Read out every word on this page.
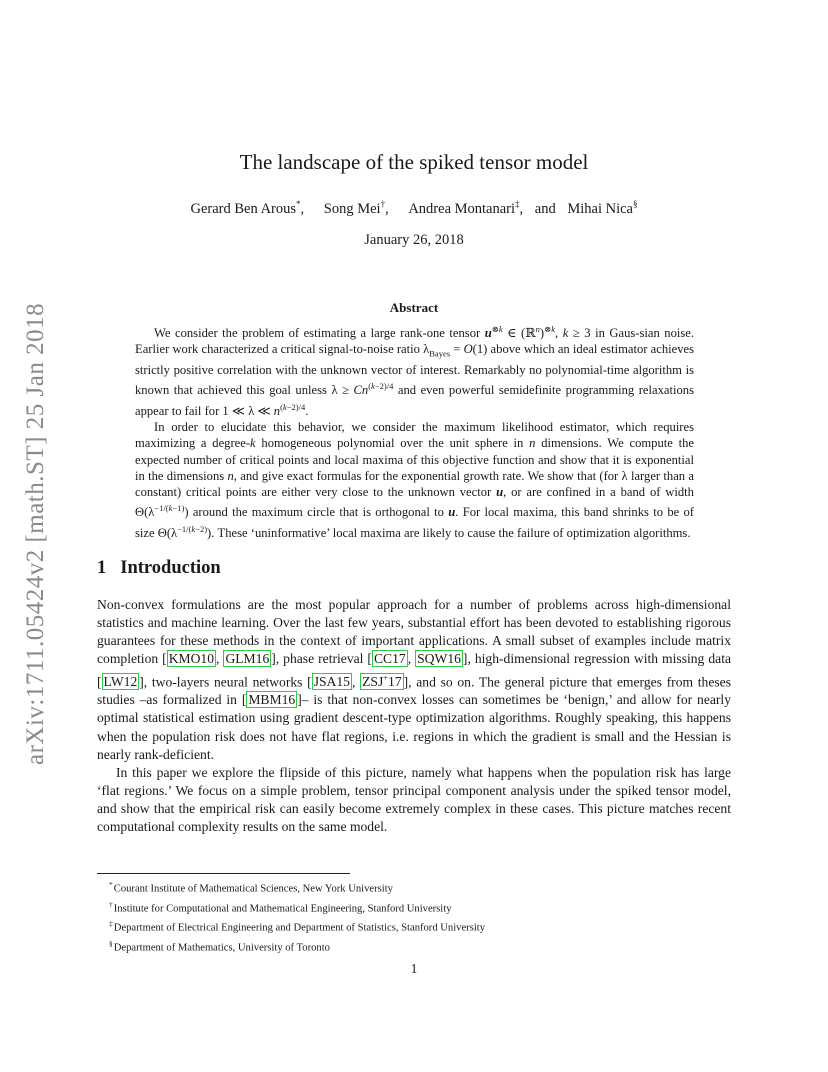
arXiv:1711.05424v2 [math.ST] 25 Jan 2018
The landscape of the spiked tensor model
Gerard Ben Arous*, Song Mei†, Andrea Montanari‡, and Mihai Nica§
January 26, 2018
Abstract

We consider the problem of estimating a large rank-one tensor $u^{\otimes k}$ ∈ (ℝ$^n$)$^{\otimes k}$, k ≥ 3 in Gaus-sian noise. Earlier work characterized a critical signal-to-noise ratio $\lambda_{Bayes} = O(1)$ above which an ideal estimator achieves strictly positive correlation with the unknown vector of interest. Remarkably no polynomial-time algorithm is known that achieved this goal unless $\lambda \ge Cn^{(k-2)/4}$ and even powerful semidefinite programming relaxations appear to fail for 1 ≪ λ ≪ $n^{(k-2)/4}$.

In order to elucidate this behavior, we consider the maximum likelihood estimator, which requires maximizing a degree-k homogeneous polynomial over the unit sphere in n dimensions. We compute the expected number of critical points and local maxima of this objective function and show that it is exponential in the dimensions n, and give exact formulas for the exponential growth rate. We show that (for λ larger than a constant) critical points are either very close to the unknown vector u, or are confined in a band of width $\Theta(\lambda^{-1/(k-1)})$ around the maximum circle that is orthogonal to u. For local maxima, this band shrinks to be of size $\Theta(\lambda^{-1/(k-2)})$. These ‘uninformative’ local maxima are likely to cause the failure of optimization algorithms.

1 Introduction

Non-convex formulations are the most popular approach for a number of problems across high-dimensional statistics and machine learning. Over the last few years, substantial effort has been devoted to establishing rigorous guarantees for these methods in the context of important applications. A small subset of examples include matrix completion [ KMO10 , GLM16 ], phase retrieval [ CC17 , SQW16 ], high-dimensional regression with missing data [ LW12 ], two-layers neural networks [ JSA15 , ZSJ+17 ], and so on. The general picture that emerges from theses studies –as formalized in [ MBM16 ]– is that non-convex losses can sometimes be ‘benign,’ and allow for nearly optimal statistical estimation using gradient descent-type optimization algorithms. Roughly speaking, this happens when the population risk does not have flat regions, i.e. regions in which the gradient is small and the Hessian is nearly rank-deficient.

In this paper we explore the flipside of this picture, namely what happens when the population risk has large ‘flat regions.’ We focus on a simple problem, tensor principal component analysis under the spiked tensor model, and show that the empirical risk can easily become extremely complex in these cases. This picture matches recent computational complexity results on the same model.

*Courant Institute of Mathematical Sciences, New York University
†Institute for Computational and Mathematical Engineering, Stanford University
‡Department of Electrical Engineering and Department of Statistics, Stanford University
§Department of Mathematics, University of Toronto
1
